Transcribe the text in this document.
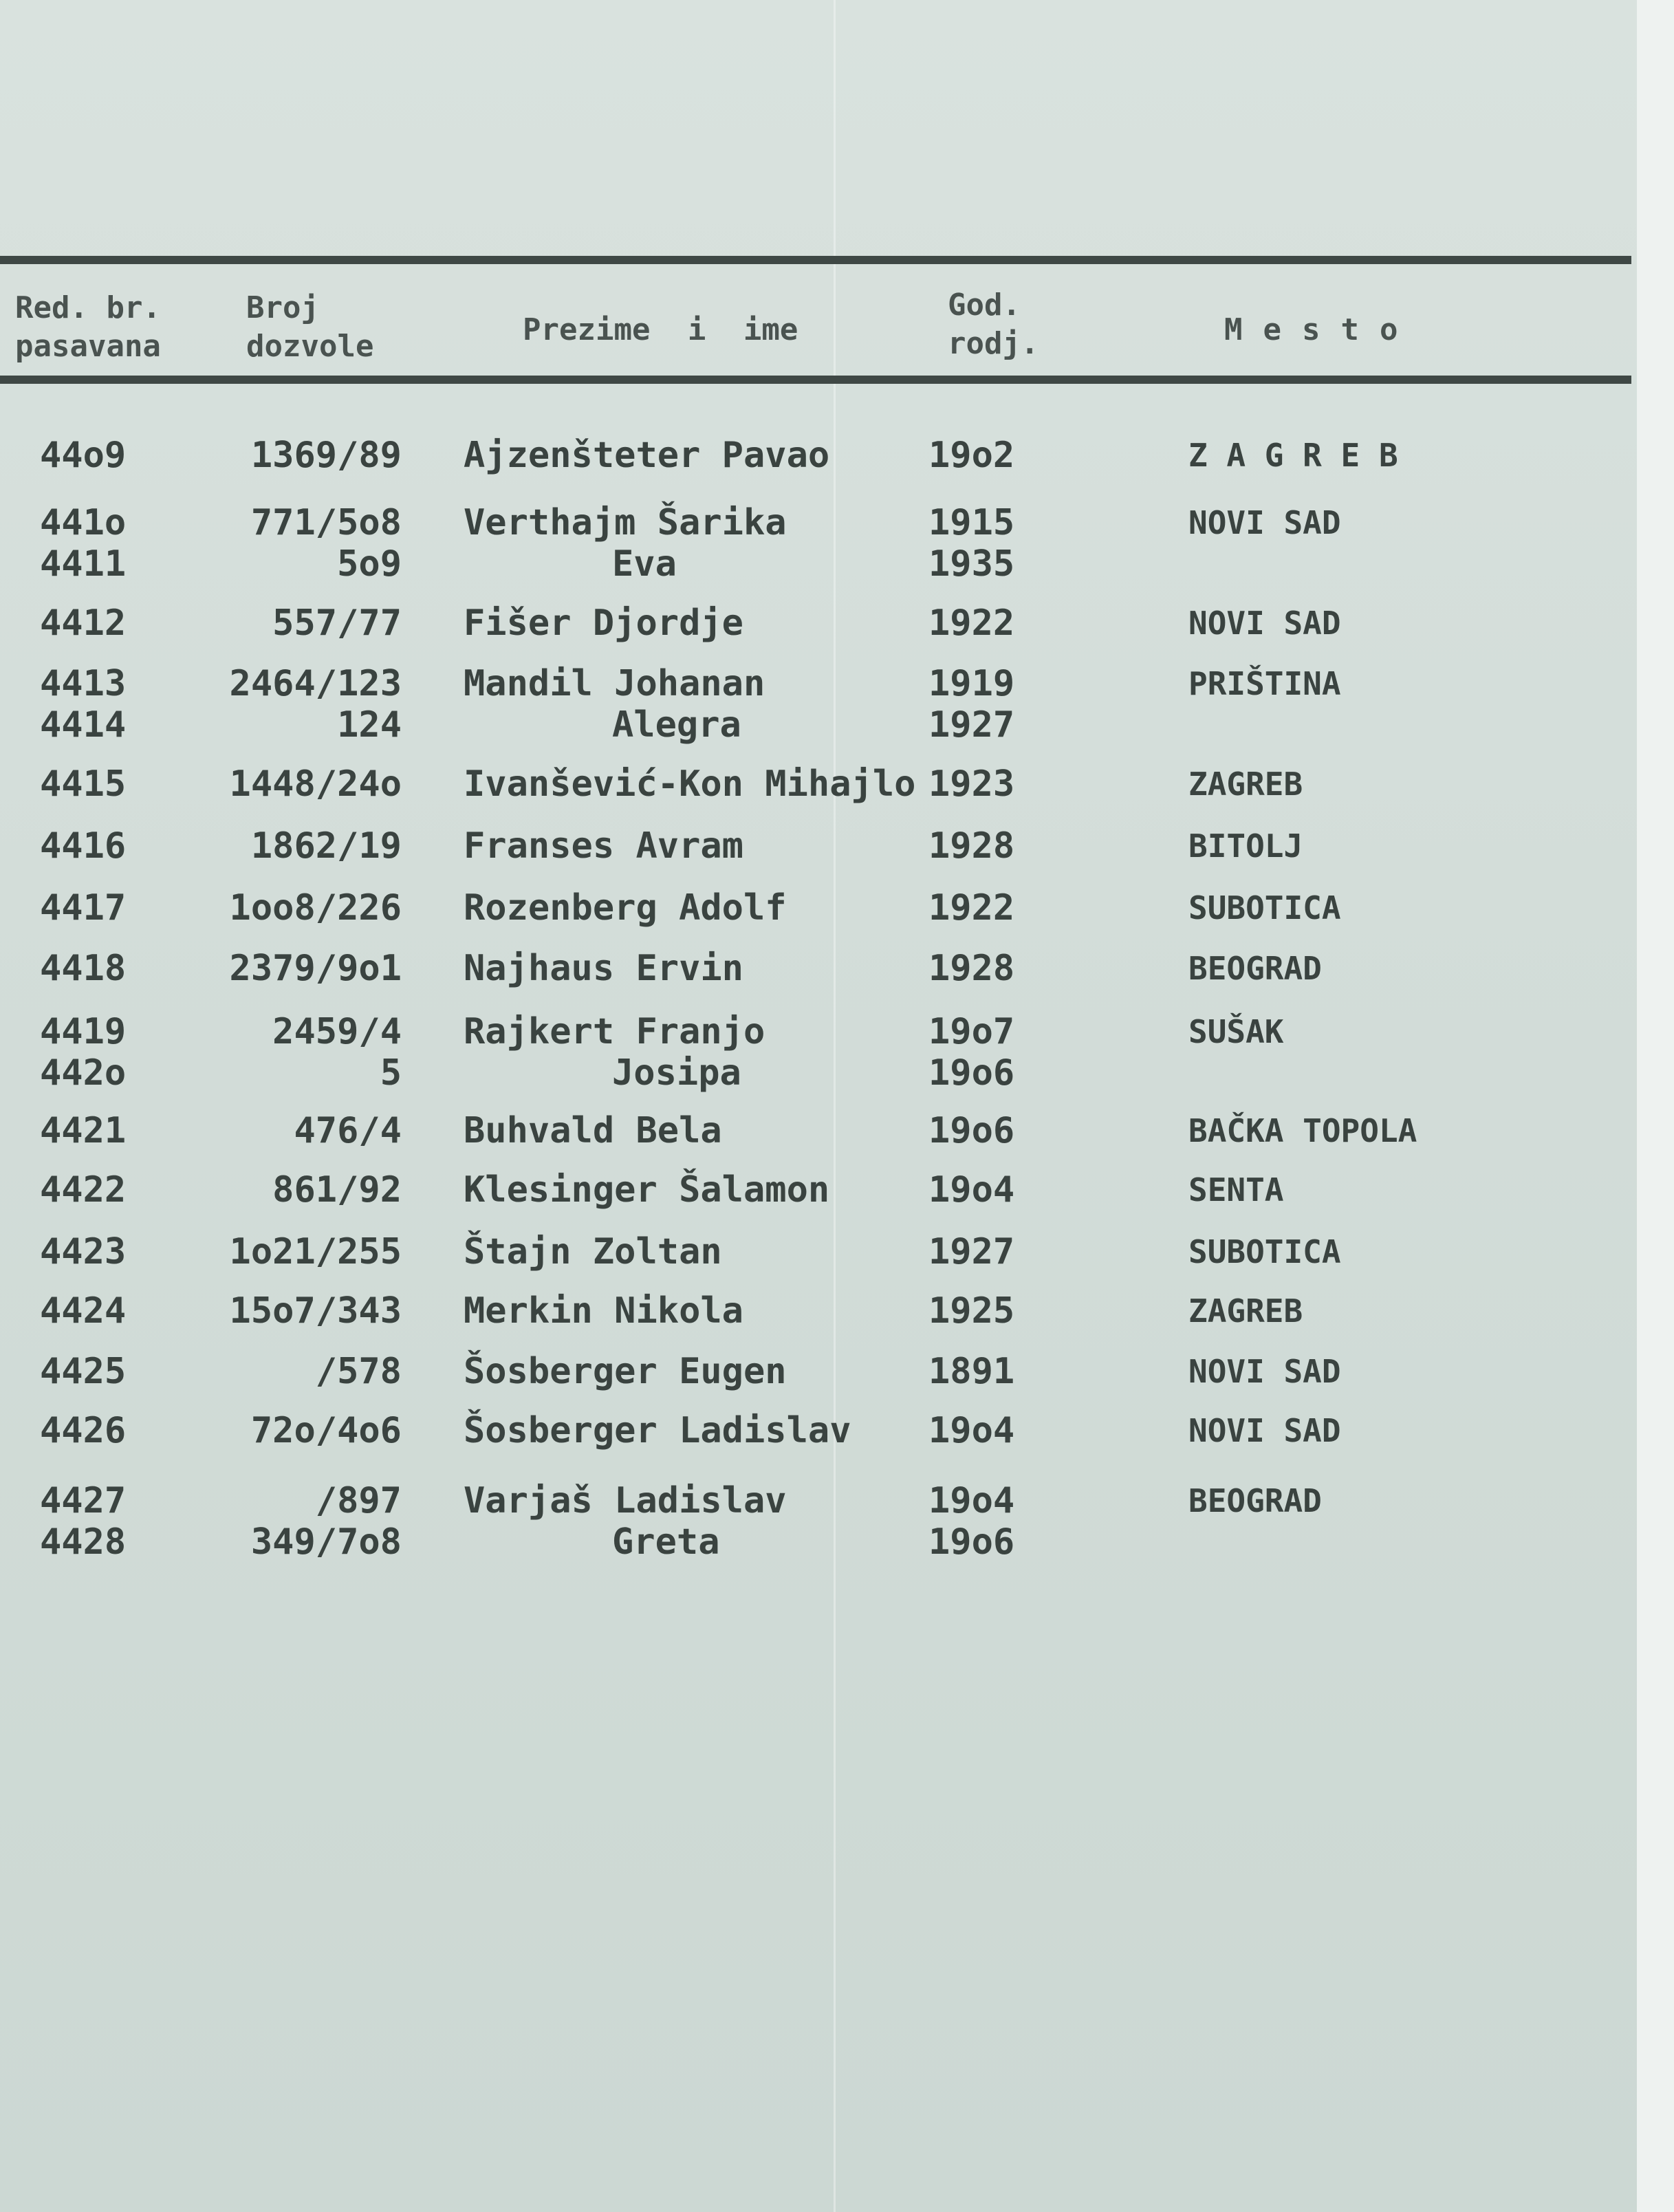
Red. br.
pasavana
Broj
dozvole	Prezime i ime
God.
rodj.	Mesto
44o9	1369/89 Ajzenšteter Pavao	19o2	Z A G R E B
441o	771/5o8 Verthajm Šarika	1915	NOVI SAD
4411	5o9	Eva	1935
4412	557/77 Fišer Djordje	1922	NOVI SAD
4413	2464/123 Mandil Johanan	1919	PRIŠTINA
4414	124	Alegra	1927
4415	1448/24o Ivanšević-Kon Mihajlo 1923	ZAGREB
4416	1862/19 Franses Avram	1928	BITOLJ
4417	1oo8/226 Rozenberg Adolf	1922	SUBOTICA
4418	2379/9o1 Najhaus Ervin	1928	BEOGRAD
4419	2459/4 Rajkert Franjo	19o7	SUŠAK
442o	5	Josipa	19o6
4421	476/4 Buhvald Bela	19o6	BAČKA TOPOLA
4422	861/92 Klesinger Šalamon	19o4	SENTA
4423	1o21/255 Štajn Zoltan	1927	SUBOTICA
4424	15o7/343 Merkin Nikola	1925	ZAGREB
4425	/578 Šosberger Eugen	1891	NOVI SAD
4426	72o/4o6 Šosberger Ladislav 19o4	NOVI SAD
4427	/897 Varjaš Ladislav	19o4	BEOGRAD
4428	349/7o8	Greta	19o6
